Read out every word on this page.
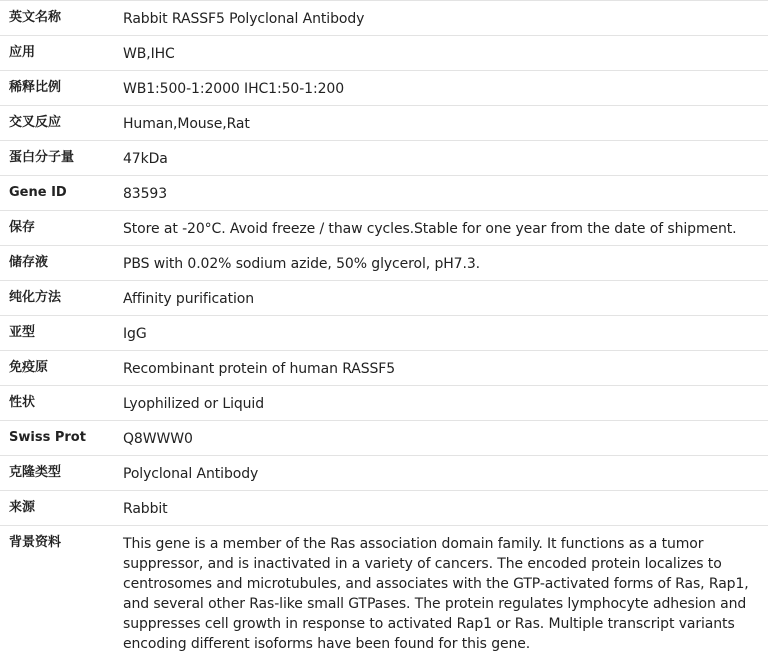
英文名称	Rabbit RASSF5 Polyclonal Antibody

应用	WB,IHC

稀释比例	WB1:500-1:2000 IHC1:50-1:200

交叉反应	Human,Mouse,Rat

蛋白分子量	47kDa

Gene ID	83593

保存	Store at -20°C. Avoid freeze / thaw cycles.Stable for one year from the date of shipment.

储存液	PBS with 0.02% sodium azide, 50% glycerol, pH7.3.

纯化方法	Affinity purification

亚型	IgG

免疫原	Recombinant protein of human RASSF5

性状	Lyophilized or Liquid

Swiss Prot	Q8WWW0

克隆类型	Polyclonal Antibody

来源	Rabbit

背景资料	This gene is a member of the Ras association domain family. It functions as a tumor suppressor, and is inactivated in a variety of cancers. The encoded protein localizes to centrosomes and microtubules, and associates with the GTP-activated forms of Ras, Rap1, and several other Ras-like small GTPases. The protein regulates lymphocyte adhesion and suppresses cell growth in response to activated Rap1 or Ras. Multiple transcript variants encoding different isoforms have been found for this gene.
